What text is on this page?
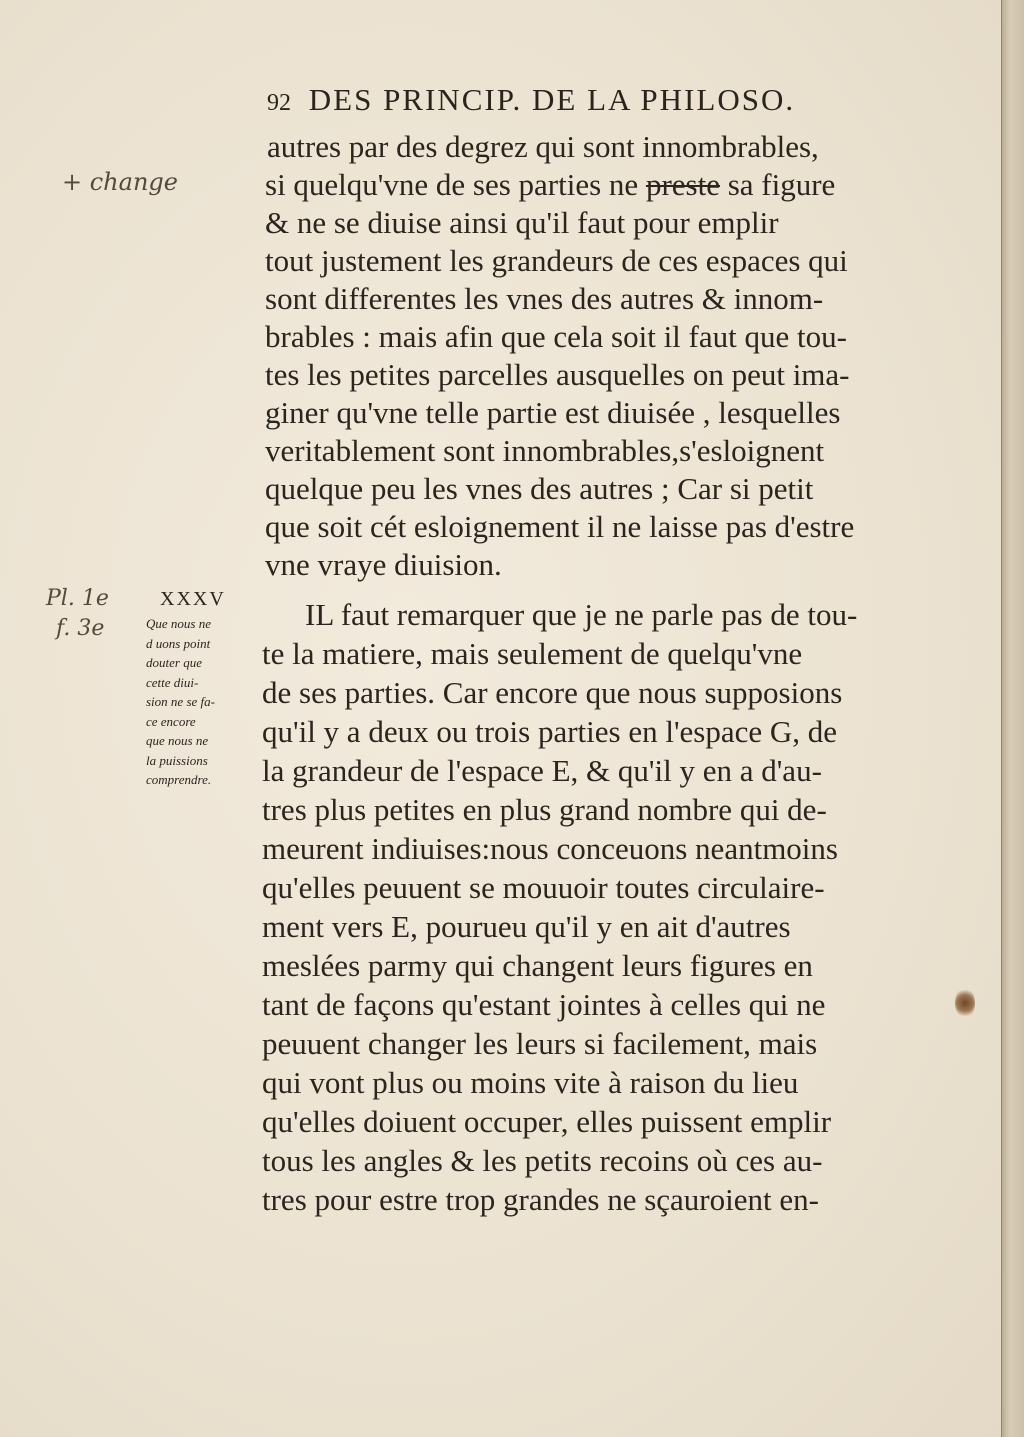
92 DES PRINCIP. DE LA PHILOSO.
+ change
Pl. 1e
f. 3e
XXXV
Que nous ne
d uons point
douter que
cette diui-
sion ne se fa-
ce encore
que nous ne
la puissions
comprendre.
autres par des degrez qui sont innombrables,
si quelqu'vne de ses parties ne preste sa figure
& ne se diuise ainsi qu'il faut pour emplir
tout justement les grandeurs de ces espaces qui
sont differentes les vnes des autres & innom-
brables : mais afin que cela soit il faut que tou-
tes les petites parcelles ausquelles on peut ima-
giner qu'vne telle partie est diuisée , lesquelles
veritablement sont innombrables,s'esloignent
quelque peu les vnes des autres ; Car si petit
que soit cét esloignement il ne laisse pas d'estre
vne vraye diuision.
IL faut remarquer que je ne parle pas de tou-
te la matiere, mais seulement de quelqu'vne
de ses parties. Car encore que nous supposions
qu'il y a deux ou trois parties en l'espace G, de
la grandeur de l'espace E, & qu'il y en a d'au-
tres plus petites en plus grand nombre qui de-
meurent indiuises:nous conceuons neantmoins
qu'elles peuuent se mouuoir toutes circulaire-
ment vers E, pourueu qu'il y en ait d'autres
meslées parmy qui changent leurs figures en
tant de façons qu'estant jointes à celles qui ne
peuuent changer les leurs si facilement, mais
qui vont plus ou moins vite à raison du lieu
qu'elles doiuent occuper, elles puissent emplir
tous les angles & les petits recoins où ces au-
tres pour estre trop grandes ne sçauroient en-
